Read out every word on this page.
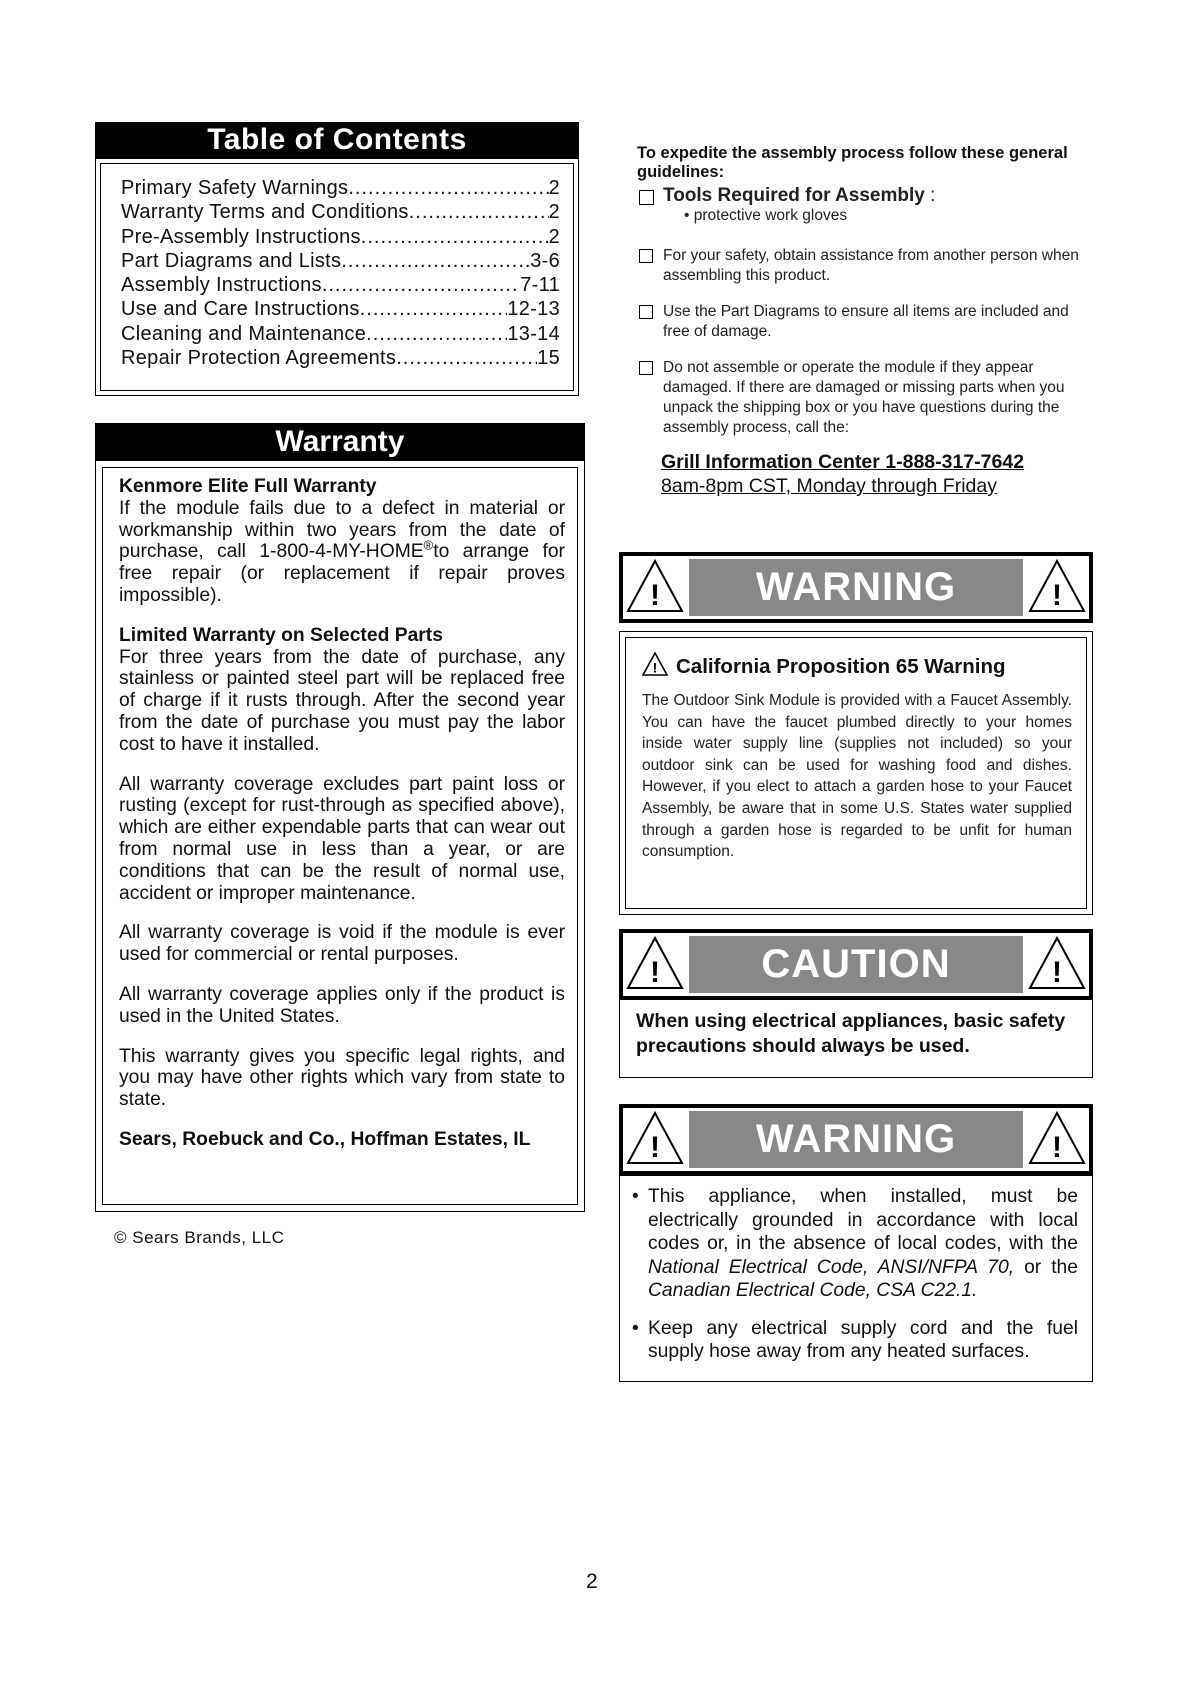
Table of Contents
Primary Safety Warnings .....	2
Warranty Terms and Conditions .....	2
Pre-Assembly Instructions .....	2
Part Diagrams and Lists .....	3-6
Assembly Instructions .....	7-11
Use and Care Instructions .....	12-13
Cleaning and Maintenance .....	13-14
Repair Protection Agreements .....	15
Warranty

Kenmore Elite Full Warranty

If the module fails due to a defect in material or workmanship within two years from the date of purchase, call 1-800-4-MY-HOME®to arrange for free repair (or replacement if repair proves impossible).

Limited Warranty on Selected Parts

For three years from the date of purchase, any stainless or painted steel part will be replaced free of charge if it rusts through. After the second year from the date of purchase you must pay the labor cost to have it installed.

All warranty coverage excludes part paint loss or rusting (except for rust-through as specified above), which are either expendable parts that can wear out from normal use in less than a year, or are conditions that can be the result of normal use, accident or improper maintenance.

All warranty coverage is void if the module is ever used for commercial or rental purposes.

All warranty coverage applies only if the product is used in the United States.

This warranty gives you specific legal rights, and you may have other rights which vary from state to state.

Sears, Roebuck and Co., Hoffman Estates, IL

© Sears Brands, LLC

To expedite the assembly process follow these general guidelines:

Tools Required for Assembly :
• protective work gloves
For your safety, obtain assistance from another person when assembling this product.
Use the Part Diagrams to ensure all items are included and free of damage.
Do not assemble or operate the module if they appear damaged. If there are damaged or missing parts when you unpack the shipping box or you have questions during the assembly process, call the:
Grill Information Center 1-888-317-7642
8am-8pm CST, Monday through Friday
!	WARNING	!
! California Proposition 65 Warning
The Outdoor Sink Module is provided with a Faucet Assembly. You can have the faucet plumbed directly to your homes inside water supply line (supplies not included) so your outdoor sink can be used for washing food and dishes. However, if you elect to attach a garden hose to your Faucet Assembly, be aware that in some U.S. States water supplied through a garden hose is regarded to be unfit for human consumption.
!	CAUTION	!
When using electrical appliances, basic safety precautions should always be used.
!	WARNING	!
• This appliance, when installed, must be electrically grounded in accordance with local codes or, in the absence of local codes, with the National Electrical Code, ANSI/NFPA 70, or the Canadian Electrical Code, CSA C22.1.
• Keep any electrical supply cord and the fuel supply hose away from any heated surfaces.
2
